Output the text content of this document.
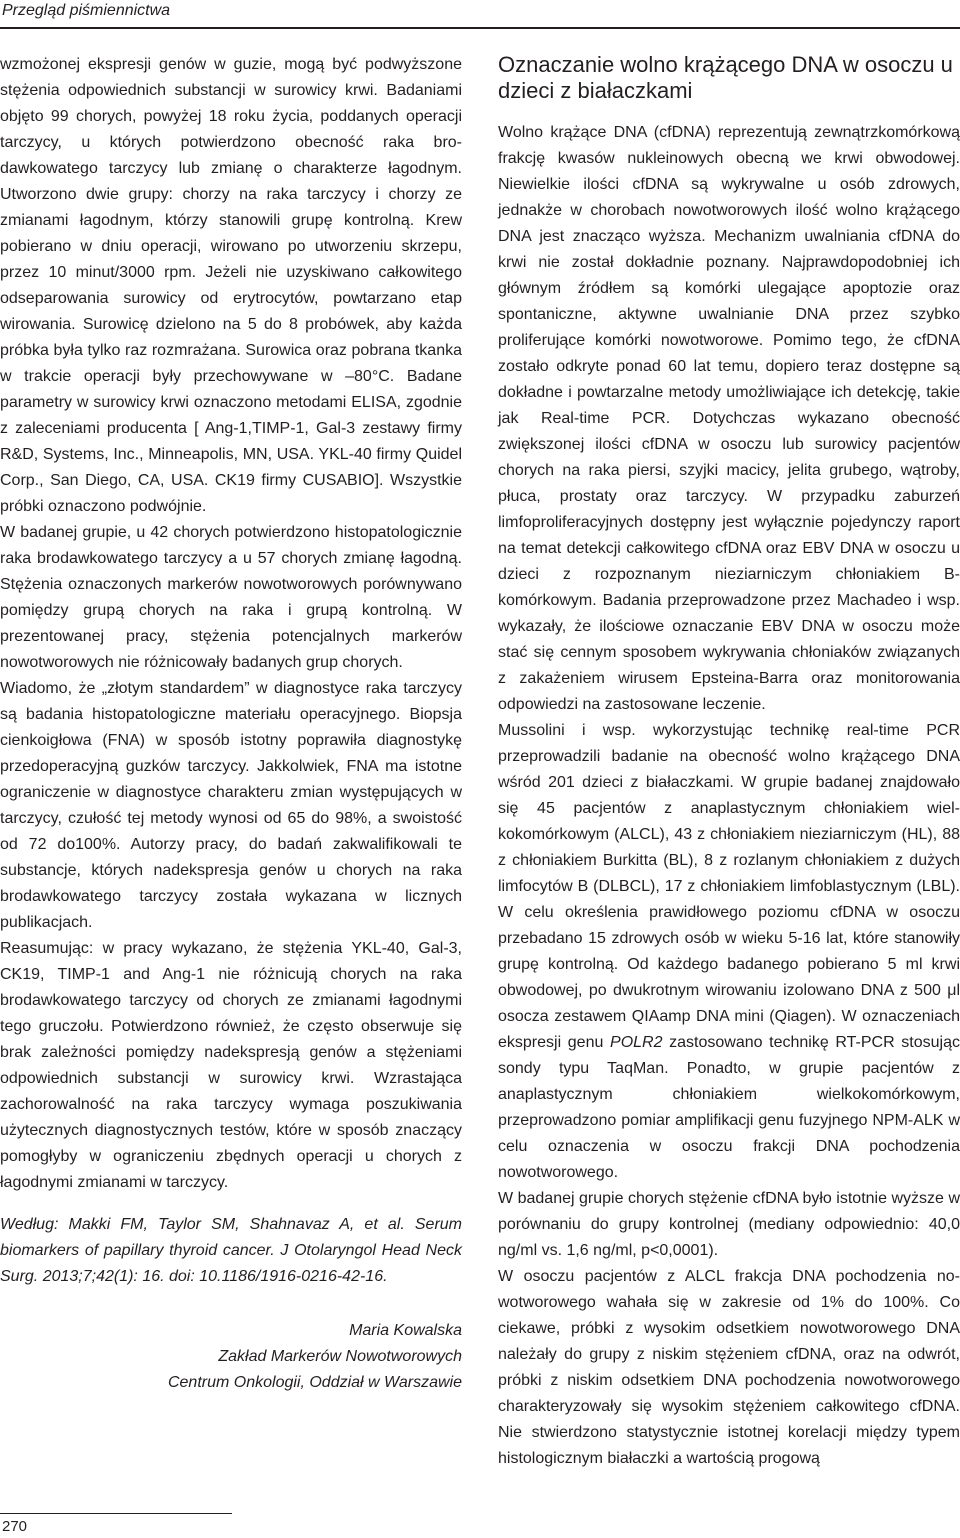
Przegląd piśmiennictwa

wzmożonej ekspresji genów w guzie, mogą być podwyższone stężenia odpowiednich substancji w surowicy krwi. Badaniami objęto 99 chorych, powyżej 18 roku życia, poddanych operacji tarczycy, u których potwierdzono obecność raka brodawkowatego tarczycy lub zmianę o charakterze łagodnym. Utworzono dwie grupy: chorzy na raka tarczycy i chorzy ze zmianami łagodnym, którzy stanowili grupę kontrolną. Krew pobierano w dniu operacji, wirowano po utworzeniu skrzepu, przez 10 minut/3000 rpm. Jeżeli nie uzyskiwano całkowitego odseparowania surowicy od erytrocytów, powtarzano etap wirowania. Surowicę dzielono na 5 do 8 probówek, aby każda próbka była tylko raz rozmrażana. Surowica oraz pobrana tkanka w trakcie operacji były przechowywane w –80°C. Badane parametry w surowicy krwi oznaczono metodami ELISA, zgodnie z zaleceniami producenta [ Ang-1,TIMP-1, Gal-3 zestawy firmy R&D, Systems, Inc., Minneapolis, MN, USA. YKL-40 firmy Quidel Corp., San Diego, CA, USA. CK19 firmy CUSABIO]. Wszystkie próbki oznaczono podwójnie.

W badanej grupie, u 42 chorych potwierdzono histopatologicznie raka brodawkowatego tarczycy a u 57 chorych zmianę łagodną. Stężenia oznaczonych markerów nowotworowych porównywano pomiędzy grupą chorych na raka i grupą kontrolną. W prezentowanej pracy, stężenia potencjalnych markerów nowotworowych nie różnicowały badanych grup chorych.

Wiadomo, że „złotym standardem” w diagnostyce raka tarczycy są badania histopatologiczne materiału operacyjnego. Biopsja cienkoigłowa (FNA) w sposób istotny poprawiła diagnostykę przedoperacyjną guzków tarczycy. Jakkolwiek, FNA ma istotne ograniczenie w diagnostyce charakteru zmian występujących w tarczycy, czułość tej metody wynosi od 65 do 98%, a swoistość od 72 do100%. Autorzy pracy, do badań zakwalifikowali te substancje, których nadekspresja genów u chorych na raka brodawkowatego tarczycy została wykazana w licznych publikacjach.

Reasumując: w pracy wykazano, że stężenia YKL-40, Gal-3, CK19, TIMP-1 and Ang-1 nie różnicują chorych na raka brodawkowatego tarczycy od chorych ze zmianami łagodnymi tego gruczołu. Potwierdzono również, że często obserwuje się brak zależności pomiędzy nadekspresją genów a stężeniami odpowiednich substancji w surowicy krwi. Wzrastająca zachorowalność na raka tarczycy wymaga poszukiwania użytecznych diagnostycznych testów, które w sposób znaczący pomogłyby w ograniczeniu zbędnych operacji u chorych z łagodnymi zmianami w tarczycy.

Według: Makki FM, Taylor SM, Shahnavaz A, et al. Serum biomarkers of papillary thyroid cancer. J Otolaryngol Head Neck Surg. 2013;7;42(1): 16. doi: 10.1186/1916-0216-42-16.

Maria Kowalska
Zakład Markerów Nowotworowych
Centrum Onkologii, Oddział w Warszawie

Oznaczanie wolno krążącego DNA w osoczu u dzieci z białaczkami

Wolno krążące DNA (cfDNA) reprezentują zewnątrzkomórkową frakcję kwasów nukleinowych obecną we krwi obwodowej. Niewielkie ilości cfDNA są wykrywalne u osób zdrowych, jednakże w chorobach nowotworowych ilość wolno krążącego DNA jest znacząco wyższa. Mechanizm uwalniania cfDNA do krwi nie został dokładnie poznany. Najprawdopodobniej ich głównym źródłem są komórki ulegające apoptozie oraz spontaniczne, aktywne uwalnianie DNA przez szybko proliferujące komórki nowotworowe. Pomimo tego, że cfDNA zostało odkryte ponad 60 lat temu, dopiero teraz dostępne są dokładne i powtarzalne metody umożliwiające ich detekcję, takie jak Real-time PCR. Dotychczas wykazano obecność zwiększonej ilości cfDNA w osoczu lub surowicy pacjentów chorych na raka piersi, szyjki macicy, jelita grubego, wątroby, płuca, prostaty oraz tarczycy. W przypadku zaburzeń limfoproliferacyjnych dostępny jest wyłącznie pojedynczy raport na temat detekcji całkowitego cfDNA oraz EBV DNA w osoczu u dzieci z rozpoznanym nieziarniczym chłoniakiem B-komórkowym. Badania przeprowadzone przez Machadeo i wsp. wykazały, że ilościowe oznaczanie EBV DNA w osoczu może stać się cennym sposobem wykrywania chłoniaków związanych z zakażeniem wirusem Epsteina-Barra oraz monitorowania odpowiedzi na zastosowane leczenie.

Mussolini i wsp. wykorzystując technikę real-time PCR przeprowadzili badanie na obecność wolno krążącego DNA wśród 201 dzieci z białaczkami. W grupie badanej znajdowało się 45 pacjentów z anaplastycznym chłoniakiem wielkokomórkowym (ALCL), 43 z chłoniakiem nieziarniczym (HL), 88 z chłoniakiem Burkitta (BL), 8 z rozlanym chłoniakiem z dużych limfocytów B (DLBCL), 17 z chłoniakiem limfoblastycznym (LBL). W celu określenia prawidłowego poziomu cfDNA w osoczu przebadano 15 zdrowych osób w wieku 5-16 lat, które stanowiły grupę kontrolną. Od każdego badanego pobierano 5 ml krwi obwodowej, po dwukrotnym wirowaniu izolowano DNA z 500 μl osocza zestawem QIAamp DNA mini (Qiagen). W oznaczeniach ekspresji genu POLR2 zastosowano technikę RT-PCR stosując sondy typu TaqMan. Ponadto, w grupie pacjentów z anaplastycznym chłoniakiem wielkokomórkowym, przeprowadzono pomiar amplifikacji genu fuzyjnego NPM-ALK w celu oznaczenia w osoczu frakcji DNA pochodzenia nowotworowego.

W badanej grupie chorych stężenie cfDNA było istotnie wyższe w porównaniu do grupy kontrolnej (mediany odpowiednio: 40,0 ng/ml vs. 1,6 ng/ml, p<0,0001).

W osoczu pacjentów z ALCL frakcja DNA pochodzenia nowotworowego wahała się w zakresie od 1% do 100%. Co ciekawe, próbki z wysokim odsetkiem nowotworowego DNA należały do grupy z niskim stężeniem cfDNA, oraz na odwrót, próbki z niskim odsetkiem DNA pochodzenia nowotworowego charakteryzowały się wysokim stężeniem całkowitego cfDNA. Nie stwierdzono statystycznie istotnej korelacji między typem histologicznym białaczki a wartością progową

270
